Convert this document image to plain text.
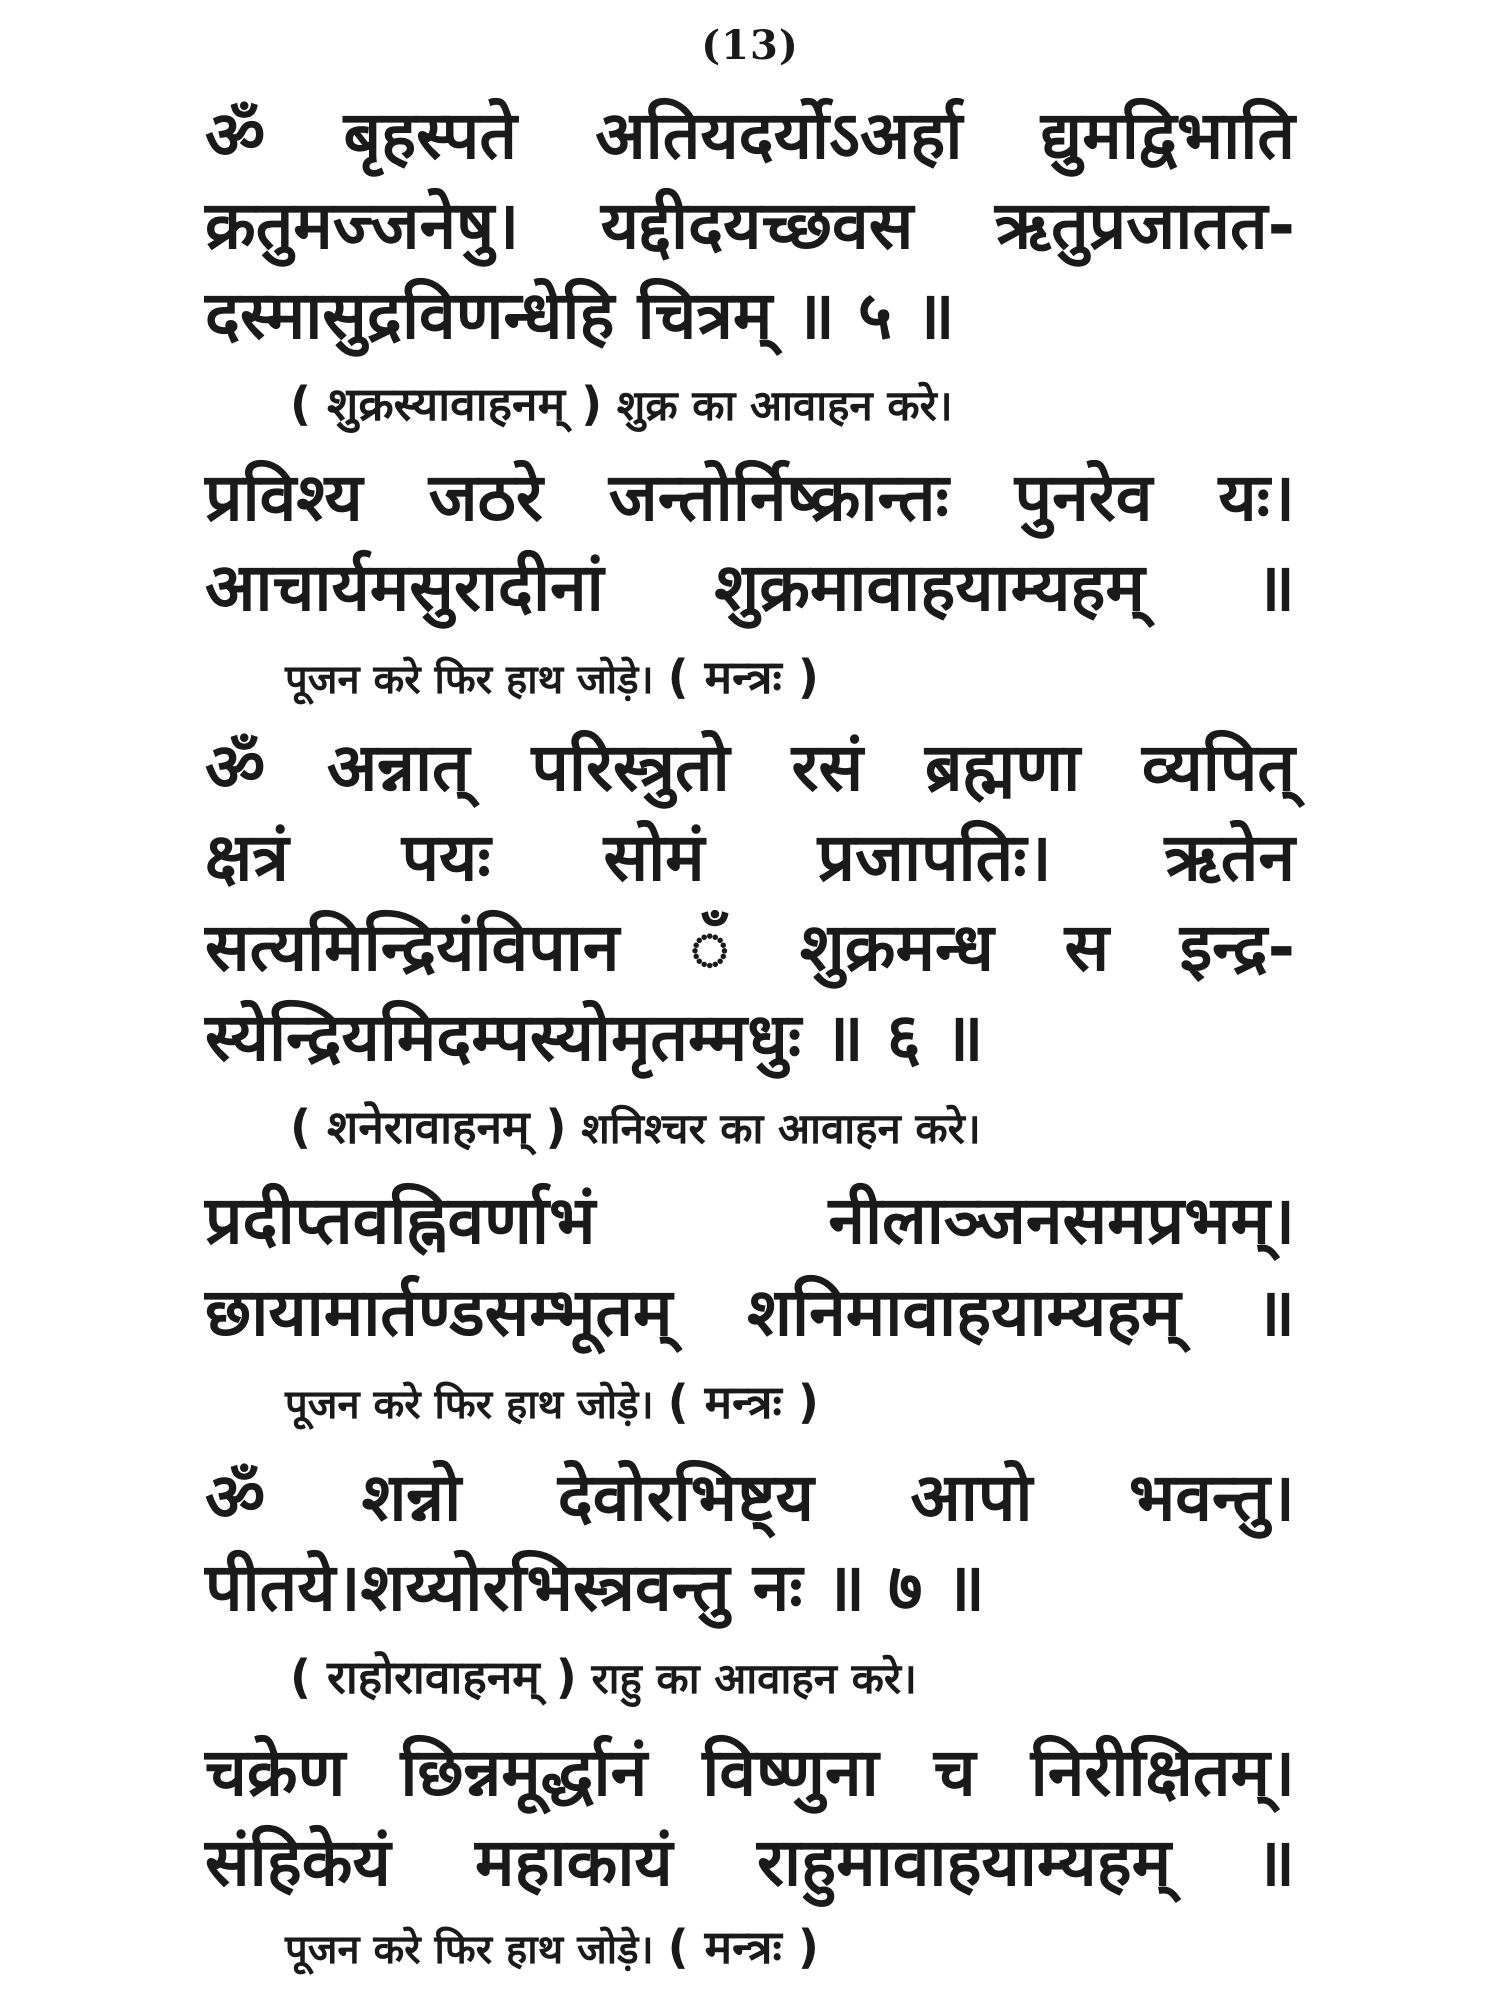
(13)
ॐ बृहस्पते अतियदर्योऽअर्हा द्युमद्विभाति
क्रतुमज्जनेषु। यद्दीदयच्छवस ऋतुप्रजातत-
दस्मासुद्रविणन्धेहि चित्रम् ॥ ५ ॥
( शुक्रस्यावाहनम् ) शुक्र का आवाहन करे।
प्रविश्य जठरे जन्तोर्निष्क्रान्तः पुनरेव यः।
आचार्यमसुरादीनां शुक्रमावाहयाम्यहम् ॥
पूजन करे फिर हाथ जोड़े। ( मन्त्रः )
ॐ अन्नात् परिस्त्रुतो रसं ब्रह्मणा व्यपित्
क्षत्रं पयः सोमं प्रजापतिः। ऋतेन
सत्यमिन्द्रियंविपान ँ शुक्रमन्ध स इन्द्र-
स्येन्द्रियमिदम्पस्योमृतम्मधुः ॥ ६ ॥
( शनेरावाहनम् ) शनिश्चर का आवाहन करे।
प्रदीप्तवह्निवर्णाभं	नीलाञ्जनसमप्रभम्।
छायामार्तण्डसम्भूतम् शनिमावाहयाम्यहम् ॥
पूजन करे फिर हाथ जोड़े। ( मन्त्रः )
ॐ शन्नो देवोरभिष्ट्य आपो भवन्तु।
पीतये।शय्योरभिस्त्रवन्तु नः ॥ ७ ॥
( राहोरावाहनम् ) राहु का आवाहन करे।
चक्रेण छिन्नमूर्द्धानं विष्णुना च निरीक्षितम्।
संहिकेयं महाकायं राहुमावाहयाम्यहम् ॥
पूजन करे फिर हाथ जोड़े। ( मन्त्रः )
